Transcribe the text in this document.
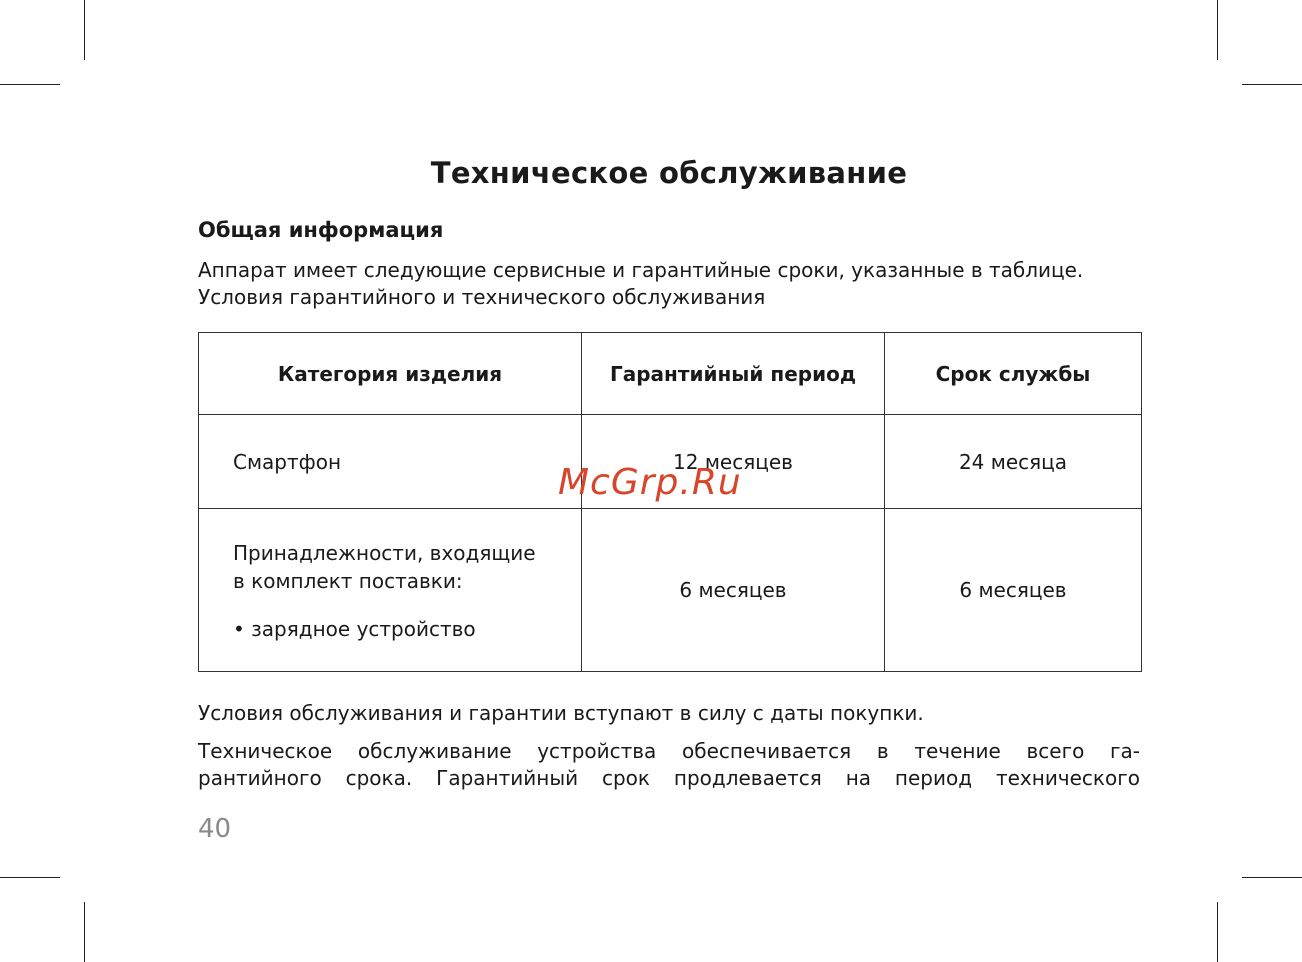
Техническое обслуживание
Общая информация
Аппарат имеет следующие сервисные и гарантийные сроки, указанные в таблице.
Условия гарантийного и технического обслуживания
Категория изделия	Гарантийный период	Срок службы
Смартфон	12 месяцев	24 месяца

Принадлежности, входящие
в комплект поставки:
• зарядное устройство	6 месяцев	6 месяцев
Условия обслуживания и гарантии вступают в силу с даты покупки.
Техническое обслуживание устройства обеспечивается в течение всего га-
рантийного срока. Гарантийный срок продлевается на период технического
40
McGrp.Ru
